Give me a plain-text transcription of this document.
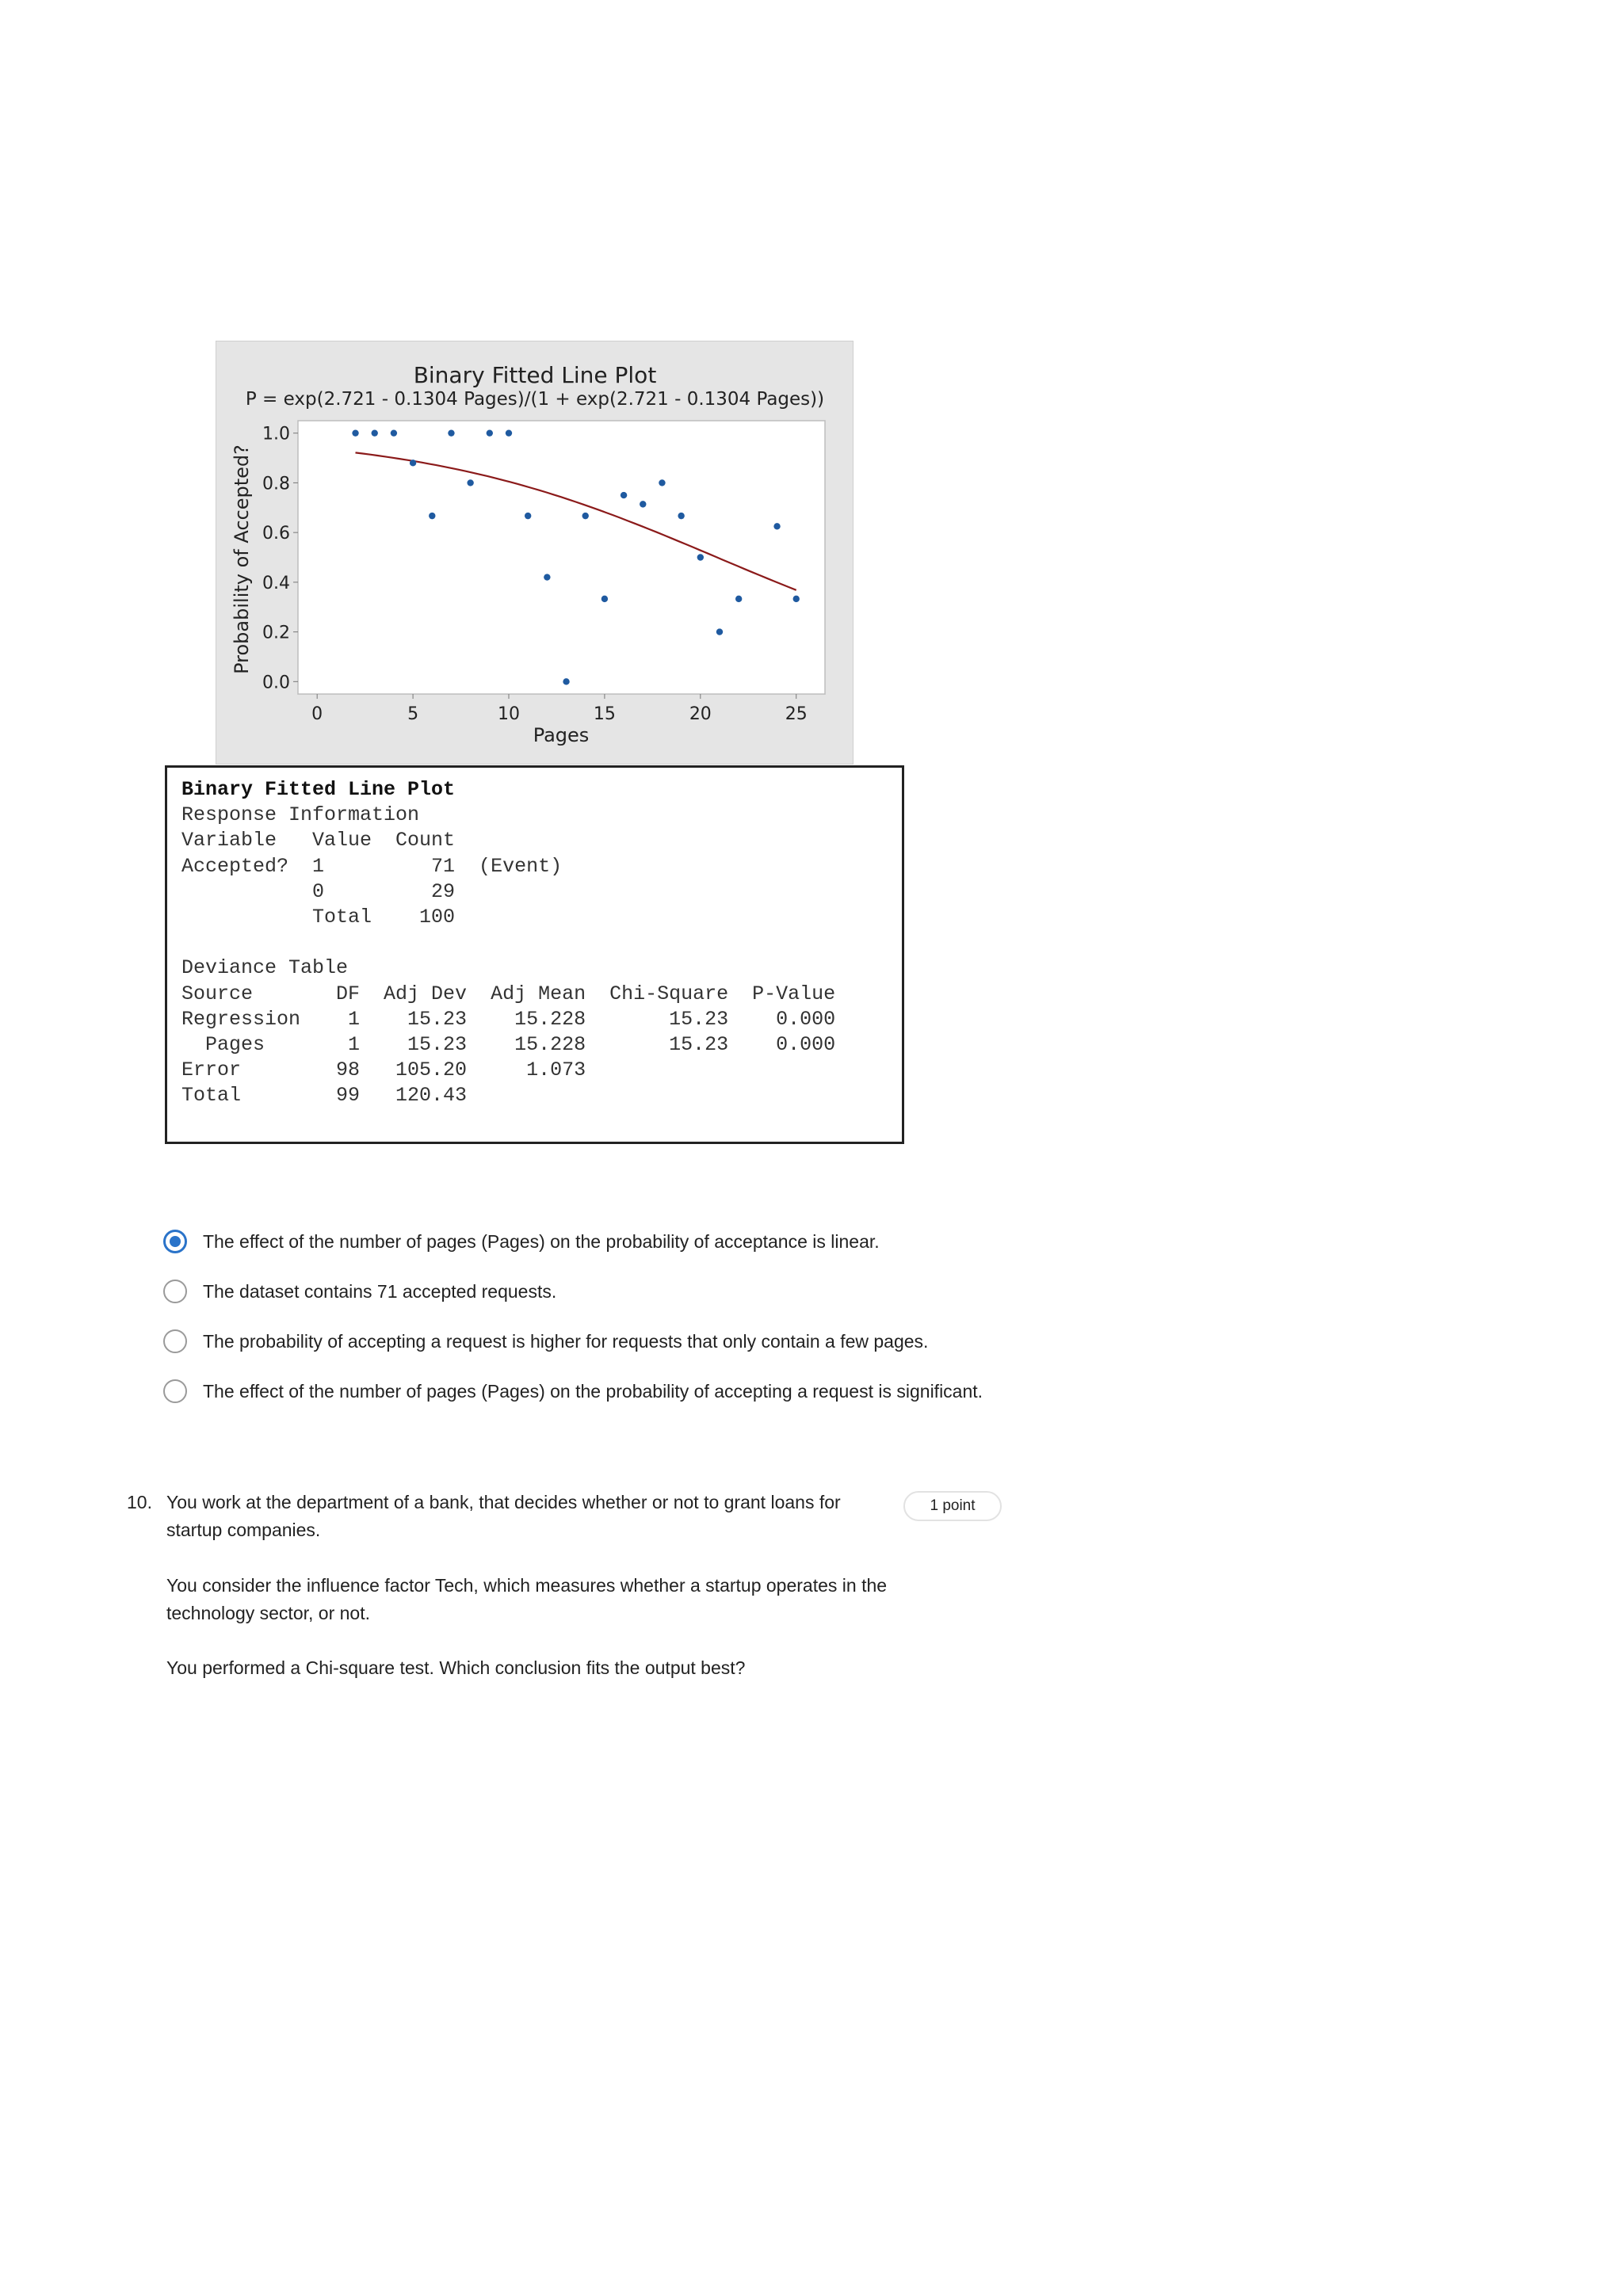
Binary Fitted Line Plot
P = exp(2.721 - 0.1304 Pages)/(1 + exp(2.721 - 0.1304 Pages))
0.0
0.2
0.4
0.6
0.8
1.0
0	5	10	15	20	25
Pages
Probability of Accepted?
Binary Fitted Line Plot
Response Information
Variable   Value  Count
Accepted?  1         71  (Event)
0         29
Total    100

Deviance Table
Source       DF  Adj Dev  Adj Mean  Chi-Square  P-Value
Regression    1    15.23    15.228       15.23    0.000
Pages       1    15.23    15.228       15.23    0.000
Error        98   105.20     1.073
Total        99   120.43
The effect of the number of pages (Pages) on the probability of acceptance is linear.
The dataset contains 71 accepted requests.
The probability of accepting a request is higher for requests that only contain a few pages.
The effect of the number of pages (Pages) on the probability of accepting a request is significant.
10. You work at the department of a bank, that decides whether or not to grant loans for
startup companies.
You consider the influence factor Tech, which measures whether a startup operates in the
technology sector, or not.
You performed a Chi-square test. Which conclusion fits the output best?
1 point
